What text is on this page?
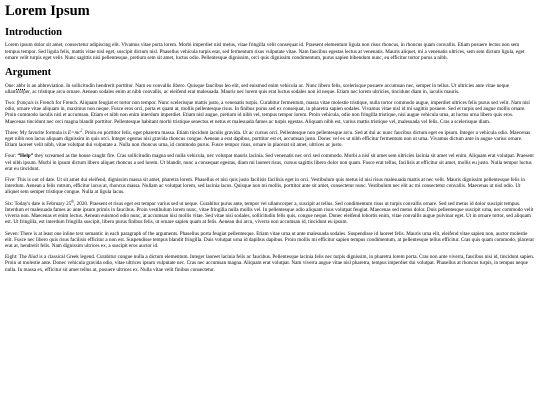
Lorem Ipsum
Introduction

Lorem ipsum dolor sit amet, consectetur adipiscing elit. Vivamus vitae porta lorem. Morbi imperdiet nisl metus, vitae fringilla velit consequat id. Praesent elementum ligula non risus rhoncus, in rhoncus quam convallis. Etiam posuere lectus non sem tempus tempor. Sed ligula felis, mattis vitae nisl eget, suscipit dictum nisl. Phasellus vehicula turpis erat, sed fermentum risus vulputate vitae. Nam faucibus egestas lectus at venenatis. Mauris aliquet, mi a venenatis ultrices, sem sem dictum ligula, eget ornare velit turpis eget velit. Nunc sagittis nisi pellentesque, pretium sem sit amet, luctus odio. Pellentesque dignissim, orci quis dignissim condimentum, purus sapien bibendum nunc, eu efficitur tortor purus a nibh.

Argument

One: abbr is an abbreviation. In sollicitudin hendrerit porttitor. Nam eu convallis libero. Quisque faucibus leo elit, sed euismod enim vehicula ac. Nunc libero felis, scelerisque posuere accumsan nec, semper in tellus. Ut ultricies ante vitae neque ullamcorper, ac tristique arcu ornare. Aenean sodales enim at nibh convallis, ac eleifend erat malesuada. Mauris nec lorem quis erat luctus sodales non id neque. Etiam nec lorem ultricies, tincidunt diam in, iaculis mauris.

Two: français is French for French. Aliquam feugiat et tortor non tempor. Nunc scelerisque mattis justo, a venenatis turpis. Curabitur fermentum, massa vitae molestie tristique, nulla tortor commodo augue, imperdiet ultrices felis purus sed velit. Nam nisl odio, ornare vitae aliquam in, maximus non neque. Fusce eros orci, porta et quam at, mollis pellentesque risus. In finibus purus sed ex consequat, in pharetra sapien sodales. Vivamus vitae nisl id mi sagittis posuere. Sed et turpis sed augue mollis ornare. Proin commodo iaculis nisl et accumsan. Etiam et nibh non enim interdum imperdiet. Etiam nisl augue, pretium id nibh vel, tempus tempor lorem. Proin vehicula, odio non fringilla tristique, nisi augue vehicula urna, at luctus urna libero quis eros. Maecenas tincidunt nec orci magna blandit porttitor. Pellentesque habitant morbi tristique senectus et netus et malesuada fames ac turpis egestas. Aliquam nibh est, varius mattis tristique vel, malesuada vel felis. Cras a scelerisque diam.

Three: My favorite formula is $E=mc^2$. Proin eu porttitor felis, eget pharetra massa. Etiam tincidunt iaculis gravida. Ut ac cursus orci. Pellentesque non pellentesque arcu. Sed at dui ac nunc faucibus dictum eget eu ipsum. Integer a vehicula odio. Maecenas eget nibh non lacus aliquam dignissim in quis orci. Integer egestas nisi gravida rhoncus congue. Aenean a erat dapibus, porttitor est et, accumsan justo. Donec vel ex ut nibh efficitur fermentum non ut urna. Vivamus dictum ante in augue varius ornare. Etiam laoreet velit nibh, vitae volutpat dui vulputate a. Nulla non rhoncus urna, id commodo purus. Fusce tempor risus, ornare in placerat sit amet, ultrices ac justo.

Four: “Help” they screamed as the house caught fire. Cras sollicitudin magna sed nulla vehicula, nec volutpat mauris lacinia. Sed venenatis nec orci sed commodo. Morbi a nisl sit amet sem ultricies lacinia sit amet vel enim. Aliquam erat volutpat. Praesent vel nibh ipsum. Morbi in ipsum dictum libero aliquet rhoncus a sed lorem. Ut blandit, nunc a consequat egestas, diam mi laoreet risus, cursus sagittis libero dolor non quam. Fusce erat tellus, facilisis at efficitur sit amet, mollis eu justo. Nulla tempor luctus erat eu tincidunt.

Five: This is out of date. Ut sit amet dui eleifend, dignissim massa sit amet, pharetra lorem. Phasellus et nisi quis justo facilisis facilisis eget in orci. Vestibulum quis metus id nisi risus malesuada mattis at nec velit. Mauris dignissim pellentesque felis in interdum. Aenean a felis rutrum, efficitur lacus at, rhoncus massa. Nullam ac volutpat lorem, sed lacinia lacus. Quisque non mi mollis, porttitor ante sit amet, consectetur nunc. Vestibulum nec elit ac mi consectetur convallis. Maecenas ut nisl odio. Ut aliquet sem semper tristique congue. Nulla at ligula lacus.

Six: Today's date is February 25th, 2020. Praesent et risus eget est tempor varius sed ut neque. Curabitur purus ante, tempor vel ullamcorper a, suscipit at tellus. Sed condimentum risus ut turpis convallis ornare. Sed sed metus id dolor suscipit tempus. Interdum et malesuada fames ac ante ipsum primis in faucibus. Proin vestibulum lorem nunc, vitae fringilla nulla mollis vel. In pellentesque odio aliquam risus volutpat feugiat. Maecenas sed metus dolor. Duis pellentesque suscipit urna, nec commodo velit viverra non. Maecenas et enim lectus. Aenean euismod odio nunc, at accumsan nisi mollis vitae. Sed vitae nisi sodales, sollicitudin felis quis, congue neque. Donec eleifend lobortis enim, vitae convallis augue pulvinar eget. Ut in ornare tortor, sed aliquam est. Ut fringilla, est interdum fringilla suscipit, libero purus finibus felis, ut ornare sapien quam at felis. Aenean dui arcu, viverra non accumsan id, tincidunt eu ipsum.

Seven: There is at least one inline text semantic in each paragraph of the arguments. Phasellus porta feugiat pellentesque. Etiam vitae urna ut ante malesuada sodales. Suspendisse id laoreet felis. Mauris urna elit, eleifend vitae sapien non, auctor molestie elit. Fusce nec libero quis risus facilisis efficitur a non est. Suspendisse tempus blandit fringilla. Duis volutpat urna id dapibus dapibus. Proin mollis mi efficitur sapien tempus condimentum, at pellentesque tellus efficitur. Cras quis quam commodo, placerat erat at, hendrerit felis. Nam dignissim ultrices ex, a suscipit eros auctor id.

Eight: The Iliad is a classical Greek legend. Curabitur congue nulla a dictum elementum. Integer laoreet lacinia felis ac faucibus. Pellentesque lacinia felis nec turpis dignissim, in pharetra lorem porta. Cras non ante viverra, faucibus nisi id, tincidunt sapien. Proin ut molestie ante. Donec vehicula gravida odio, vitae ultrices ipsum vulputate nec. Cras nec accumsan magna. Aliquam erat volutpat. Nam viverra augue vitae nisl pharetra, tempus imperdiet dui volutpat. Phasellus at rhoncus turpis, in tempus neque nulla. In massa ex, efficitur sit amet tellus at, posuere ultrices ex. Nulla vitae velit finibus consectetur.
